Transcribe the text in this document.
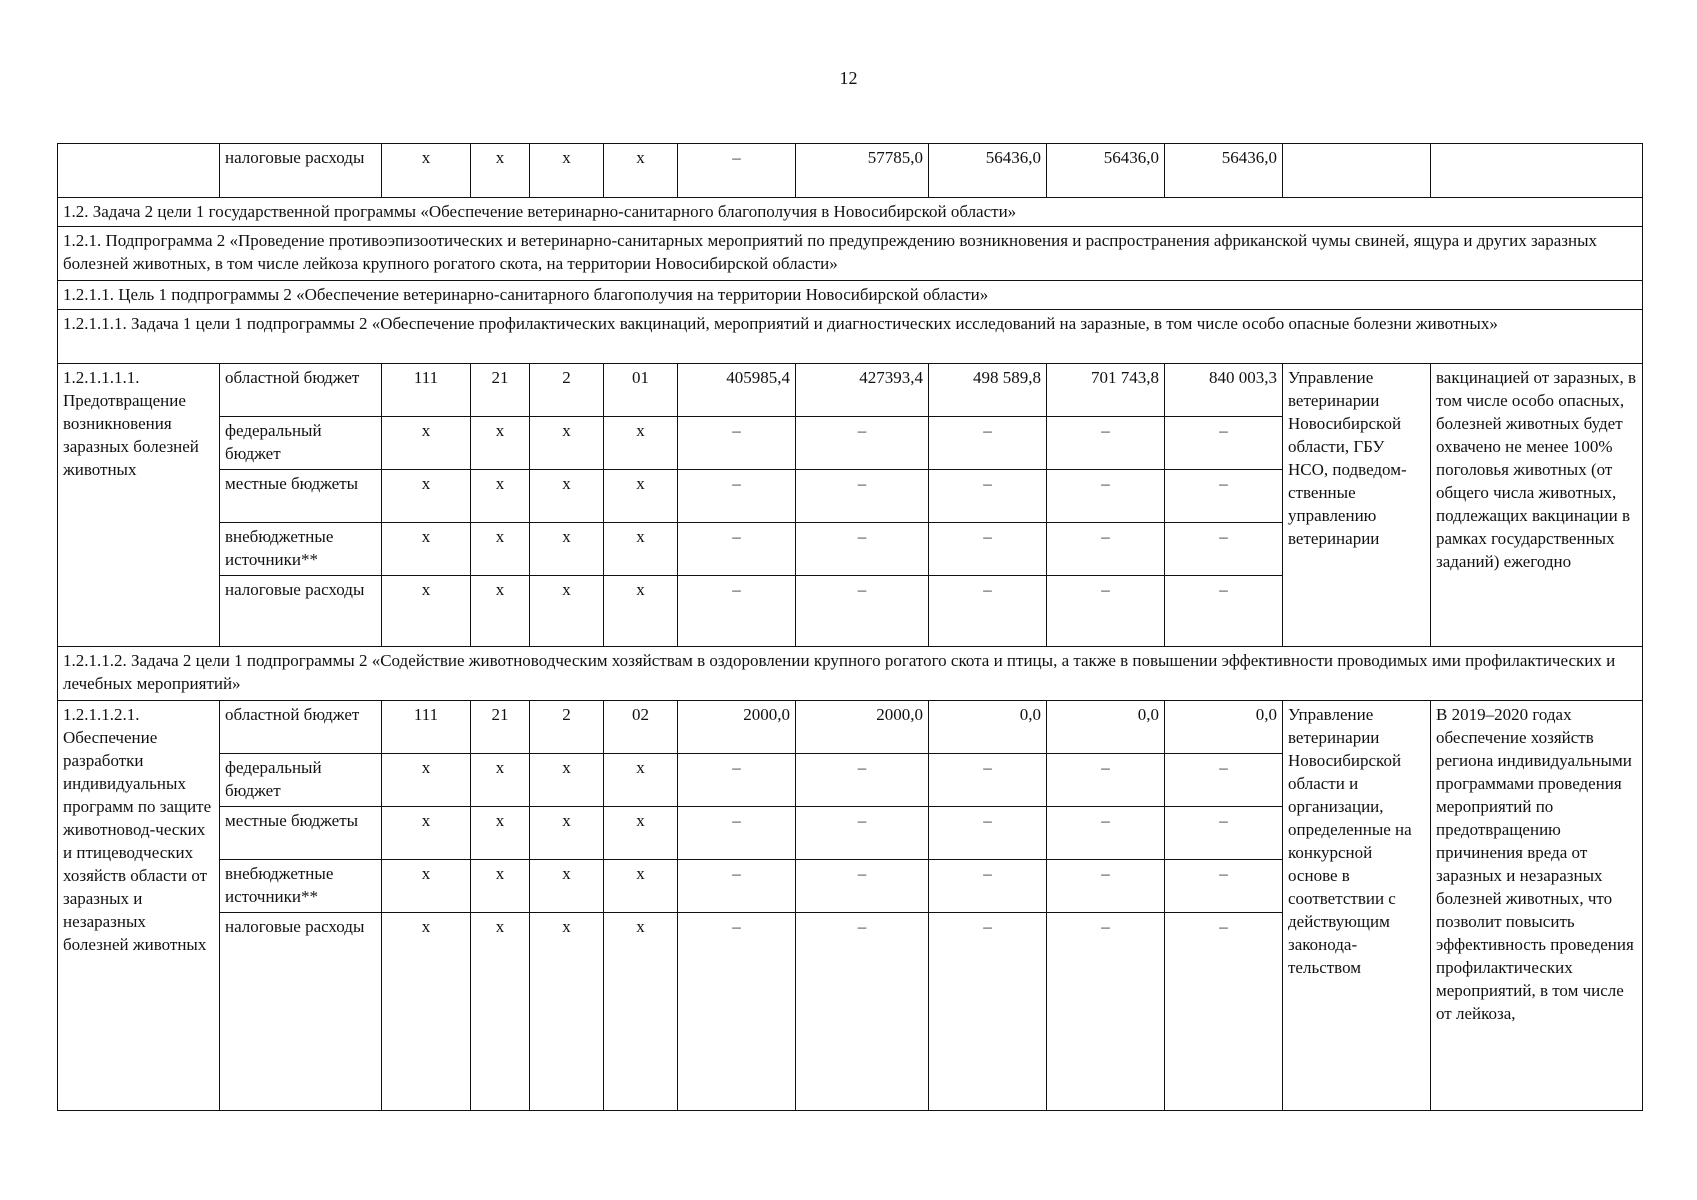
12
	налоговые расходы	х	х	х	х	–	57785,0	56436,0	56436,0	56436,0		
1.2. Задача 2 цели 1 государственной программы «Обеспечение ветеринарно-санитарного благополучия в Новосибирской области»												
1.2.1. Подпрограмма 2 «Проведение противоэпизоотических и ветеринарно-санитарных мероприятий по предупреждению возникновения и распространения африканской чумы свиней, ящура и других заразных болезней животных, в том числе лейкоза крупного рогатого скота, на территории Новосибирской области»												
1.2.1.1. Цель 1 подпрограммы 2 «Обеспечение ветеринарно-санитарного благополучия на территории Новосибирской области»												
1.2.1.1.1. Задача 1 цели 1 подпрограммы 2 «Обеспечение профилактических вакцинаций, мероприятий и диагностических исследований на заразные, в том числе особо опасные болезни животных»												
1.2.1.1.1.1. Предотвращение возникновения заразных болезней животных	областной бюджет	111	21	2	01	405985,4	427393,4	498 589,8	701 743,8	840 003,3	Управление ветеринарии Новосибирской области, ГБУ НСО, подведом-ственные управлению ветеринарии	вакцинацией от заразных, в том числе особо опасных, болезней животных будет охвачено не менее 100% поголовья животных (от общего числа животных, подлежащих вакцинации в рамках государственных заданий) ежегодно
	федеральный бюджет	х	х	х	х	–	–	–	–	–		
	местные бюджеты	х	х	х	х	–	–	–	–	–		
	внебюджетные источники**	х	х	х	х	–	–	–	–	–		
	налоговые расходы	х	х	х	х	–	–	–	–	–		
1.2.1.1.2. Задача 2 цели 1 подпрограммы 2 «Содействие животноводческим хозяйствам в оздоровлении крупного рогатого скота и птицы, а также в повышении эффективности проводимых ими профилактических и лечебных мероприятий»												
1.2.1.1.2.1. Обеспечение разработки индивидуальных программ по защите животновод-ческих и птицеводческих хозяйств области от заразных и незаразных болезней животных	областной бюджет	111	21	2	02	2000,0	2000,0	0,0	0,0	0,0	Управление ветеринарии Новосибирской области и организации, определенные на конкурсной основе в соответствии с действующим законода-тельством	В 2019–2020 годах обеспечение хозяйств региона индивидуальными программами проведения мероприятий по предотвращению причинения вреда от заразных и незаразных болезней животных, что позволит повысить эффективность проведения профилактических мероприятий, в том числе от лейкоза,
	федеральный бюджет	х	х	х	х	–	–	–	–	–		
	местные бюджеты	х	х	х	х	–	–	–	–	–		
	внебюджетные источники**	х	х	х	х	–	–	–	–	–		
	налоговые расходы	х	х	х	х	–	–	–	–	–		
